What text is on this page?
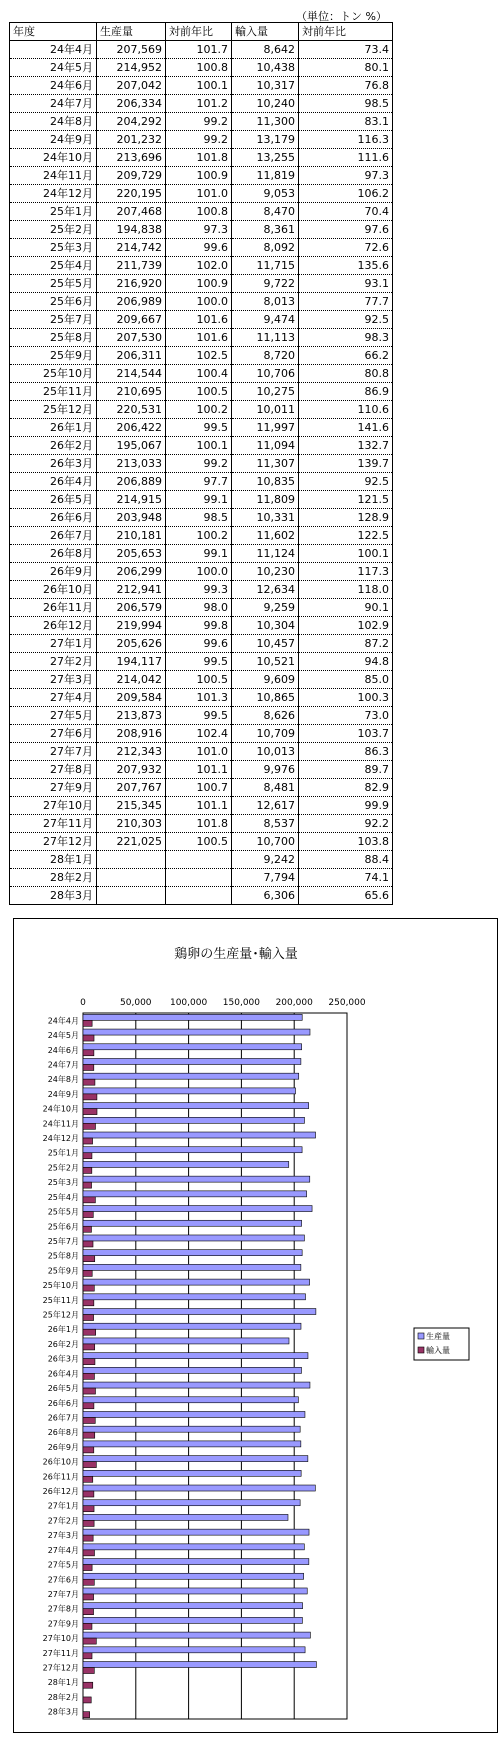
（単位：トン %）
年度	生産量	対前年比	輸入量	対前年比
24年4月	207,569	101.7	8,642	73.4
24年5月	214,952	100.8	10,438	80.1
24年6月	207,042	100.1	10,317	76.8
24年7月	206,334	101.2	10,240	98.5
24年8月	204,292	99.2	11,300	83.1
24年9月	201,232	99.2	13,179	116.3
24年10月	213,696	101.8	13,255	111.6
24年11月	209,729	100.9	11,819	97.3
24年12月	220,195	101.0	9,053	106.2
25年1月	207,468	100.8	8,470	70.4
25年2月	194,838	97.3	8,361	97.6
25年3月	214,742	99.6	8,092	72.6
25年4月	211,739	102.0	11,715	135.6
25年5月	216,920	100.9	9,722	93.1
25年6月	206,989	100.0	8,013	77.7
25年7月	209,667	101.6	9,474	92.5
25年8月	207,530	101.6	11,113	98.3
25年9月	206,311	102.5	8,720	66.2
25年10月	214,544	100.4	10,706	80.8
25年11月	210,695	100.5	10,275	86.9
25年12月	220,531	100.2	10,011	110.6
26年1月	206,422	99.5	11,997	141.6
26年2月	195,067	100.1	11,094	132.7
26年3月	213,033	99.2	11,307	139.7
26年4月	206,889	97.7	10,835	92.5
26年5月	214,915	99.1	11,809	121.5
26年6月	203,948	98.5	10,331	128.9
26年7月	210,181	100.2	11,602	122.5
26年8月	205,653	99.1	11,124	100.1
26年9月	206,299	100.0	10,230	117.3
26年10月	212,941	99.3	12,634	118.0
26年11月	206,579	98.0	9,259	90.1
26年12月	219,994	99.8	10,304	102.9
27年1月	205,626	99.6	10,457	87.2
27年2月	194,117	99.5	10,521	94.8
27年3月	214,042	100.5	9,609	85.0
27年4月	209,584	101.3	10,865	100.3
27年5月	213,873	99.5	8,626	73.0
27年6月	208,916	102.4	10,709	103.7
27年7月	212,343	101.0	10,013	86.3
27年8月	207,932	101.1	9,976	89.7
27年9月	207,767	100.7	8,481	82.9
27年10月	215,345	101.1	12,617	99.9
27年11月	210,303	101.8	8,537	92.2
27年12月	221,025	100.5	10,700	103.8
28年1月			9,242	88.4
28年2月			7,794	74.1
28年3月			6,306	65.6
鶏卵の生産量･輸入量
0	50,000 100,000 150,000 200,000 250,000
24年4月
24年5月
24年6月
24年7月
24年8月
24年9月
24年10月
24年11月
24年12月
25年1月
25年2月
25年3月
25年4月
25年5月
25年6月
25年7月
25年8月
25年9月
25年10月
25年11月
25年12月
26年1月
26年2月
26年3月
26年4月
26年5月
26年6月
26年7月
26年8月
26年9月
26年10月
26年11月
26年12月
27年1月
27年2月
27年3月
27年4月
27年5月
27年6月
27年7月
27年8月
27年9月
27年10月
27年11月
27年12月
28年1月
28年2月
28年3月
生産量
輸入量
